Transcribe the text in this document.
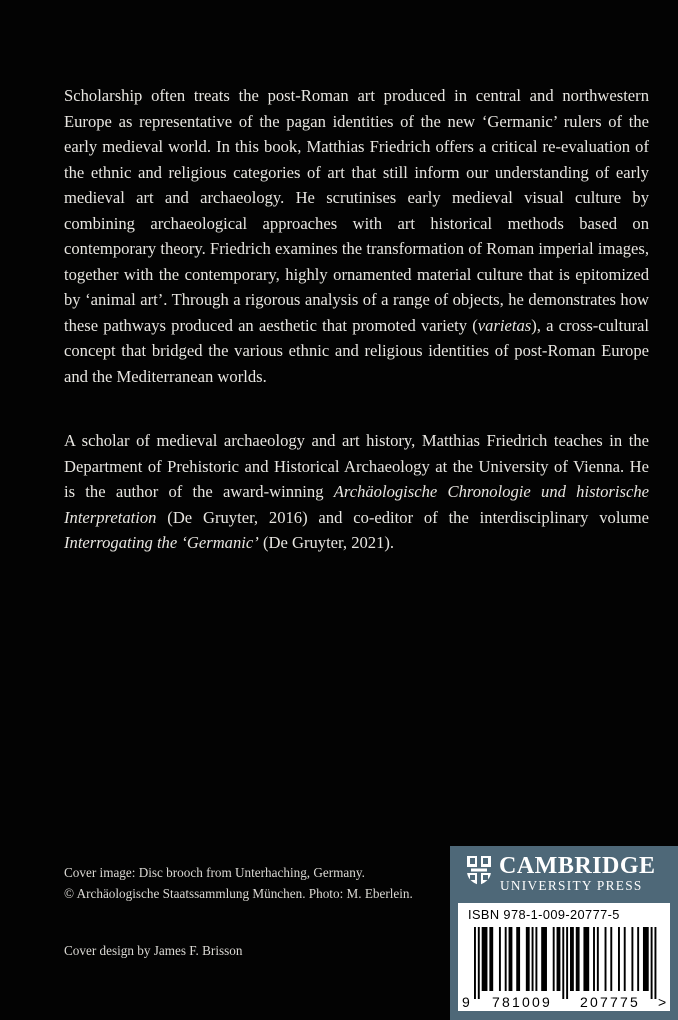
Scholarship often treats the post-Roman art produced in central and northwestern Europe as representative of the pagan identities of the new ‘Germanic’ rulers of the early medieval world. In this book, Matthias Friedrich offers a critical re-evaluation of the ethnic and religious categories of art that still inform our understanding of early medieval art and archaeology. He scrutinises early medieval visual culture by combining archaeological approaches with art historical methods based on contemporary theory. Friedrich examines the transformation of Roman imperial images, together with the contemporary, highly ornamented material culture that is epitomized by ‘animal art’. Through a rigorous analysis of a range of objects, he demonstrates how these pathways produced an aesthetic that promoted variety (varietas), a cross-cultural concept that bridged the various ethnic and religious identities of post-Roman Europe and the Mediterranean worlds.

A scholar of medieval archaeology and art history, Matthias Friedrich teaches in the Department of Prehistoric and Historical Archaeology at the University of Vienna. He is the author of the award-winning Archäologische Chronologie und historische Interpretation (De Gruyter, 2016) and co-editor of the interdisciplinary volume Interrogating the ‘Germanic’ (De Gruyter, 2021).

Cover image: Disc brooch from Unterhaching, Germany.
© Archäologische Staatssammlung München. Photo: M. Eberlein.

Cover design by James F. Brisson

CAMBRIDGE
UNIVERSITY PRESS
ISBN 978-1-009-20777-5
9 781009 207775 >
